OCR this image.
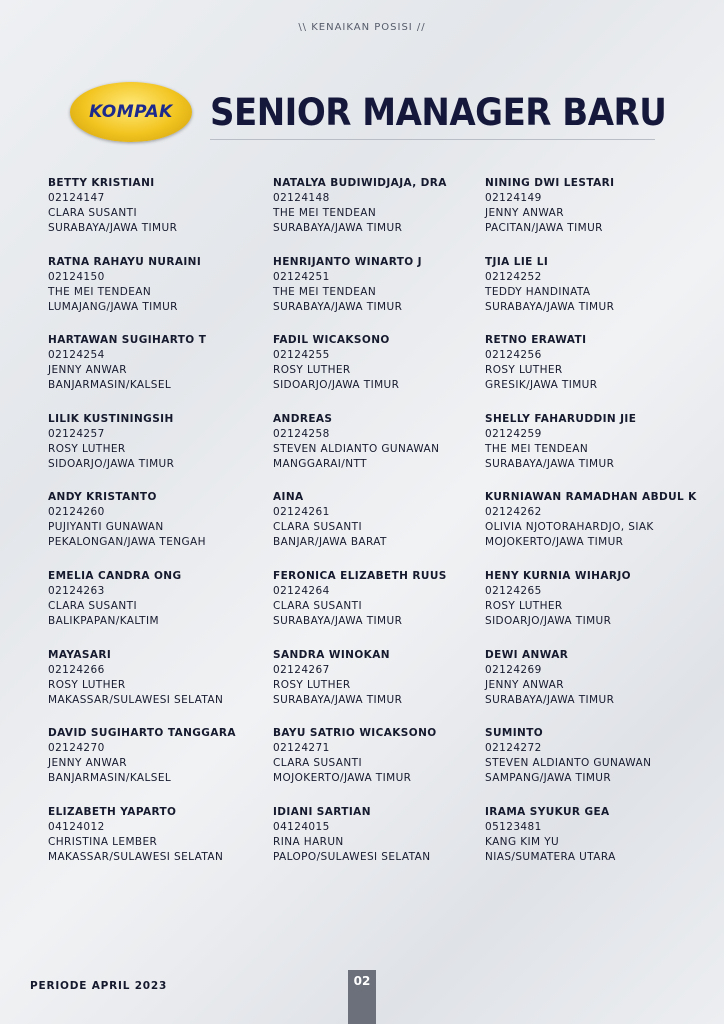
\\ KENAIKAN POSISI //
KOMPAK SENIOR MANAGER BARU
BETTY KRISTIANI
02124147
CLARA SUSANTI
SURABAYA/JAWA TIMUR
NATALYA BUDIWIDJAJA, DRA
02124148
THE MEI TENDEAN
SURABAYA/JAWA TIMUR
NINING DWI LESTARI
02124149
JENNY ANWAR
PACITAN/JAWA TIMUR
RATNA RAHAYU NURAINI
02124150
THE MEI TENDEAN
LUMAJANG/JAWA TIMUR
HENRIJANTO WINARTO J
02124251
THE MEI TENDEAN
SURABAYA/JAWA TIMUR
TJIA LIE LI
02124252
TEDDY HANDINATA
SURABAYA/JAWA TIMUR
HARTAWAN SUGIHARTO T
02124254
JENNY ANWAR
BANJARMASIN/KALSEL
FADIL WICAKSONO
02124255
ROSY LUTHER
SIDOARJO/JAWA TIMUR
RETNO ERAWATI
02124256
ROSY LUTHER
GRESIK/JAWA TIMUR
LILIK KUSTININGSIH
02124257
ROSY LUTHER
SIDOARJO/JAWA TIMUR
ANDREAS
02124258
STEVEN ALDIANTO GUNAWAN
MANGGARAI/NTT
SHELLY FAHARUDDIN JIE
02124259
THE MEI TENDEAN
SURABAYA/JAWA TIMUR
ANDY KRISTANTO
02124260
PUJIYANTI GUNAWAN
PEKALONGAN/JAWA TENGAH
AINA
02124261
CLARA SUSANTI
BANJAR/JAWA BARAT
KURNIAWAN RAMADHAN ABDUL K
02124262
OLIVIA NJOTORAHARDJO, SIAK
MOJOKERTO/JAWA TIMUR
EMELIA CANDRA ONG
02124263
CLARA SUSANTI
BALIKPAPAN/KALTIM
FERONICA ELIZABETH RUUS
02124264
CLARA SUSANTI
SURABAYA/JAWA TIMUR
HENY KURNIA WIHARJO
02124265
ROSY LUTHER
SIDOARJO/JAWA TIMUR
MAYASARI
02124266
ROSY LUTHER
MAKASSAR/SULAWESI SELATAN
SANDRA WINOKAN
02124267
ROSY LUTHER
SURABAYA/JAWA TIMUR
DEWI ANWAR
02124269
JENNY ANWAR
SURABAYA/JAWA TIMUR
DAVID SUGIHARTO TANGGARA
02124270
JENNY ANWAR
BANJARMASIN/KALSEL
BAYU SATRIO WICAKSONO
02124271
CLARA SUSANTI
MOJOKERTO/JAWA TIMUR
SUMINTO
02124272
STEVEN ALDIANTO GUNAWAN
SAMPANG/JAWA TIMUR
ELIZABETH YAPARTO
04124012
CHRISTINA LEMBER
MAKASSAR/SULAWESI SELATAN
IDIANI SARTIAN
04124015
RINA HARUN
PALOPO/SULAWESI SELATAN
IRAMA SYUKUR GEA
05123481
KANG KIM YU
NIAS/SUMATERA UTARA
PERIODE APRIL 2023	02
